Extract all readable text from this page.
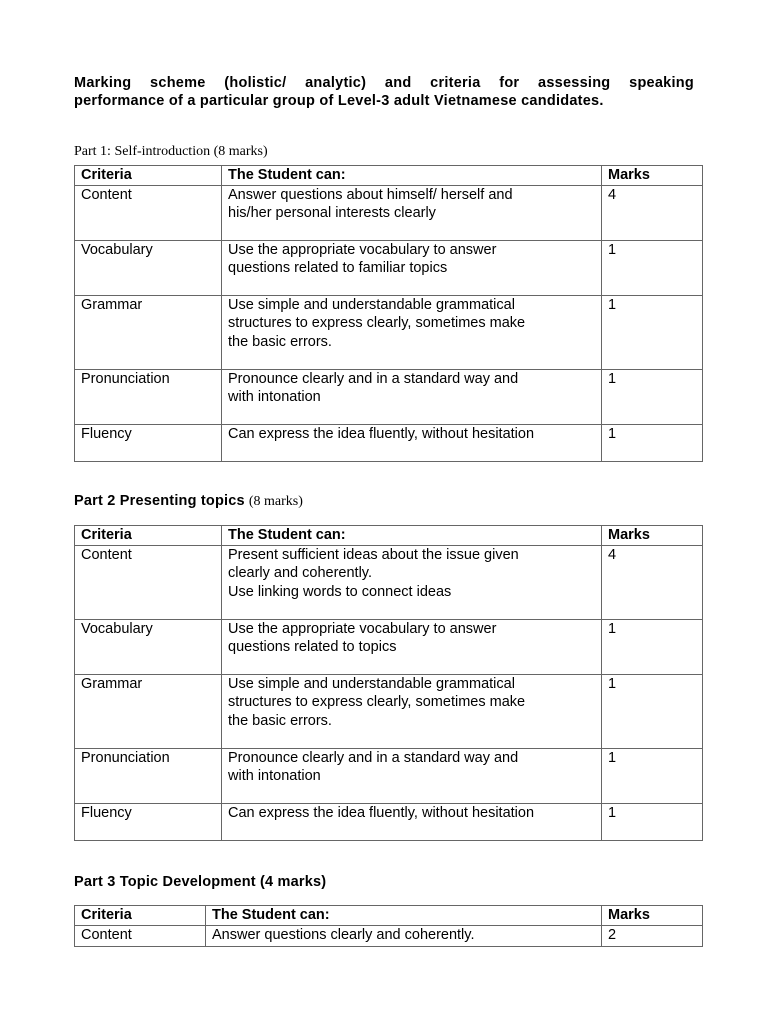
Marking scheme (holistic/ analytic) and criteria for assessing speaking
performance of a particular group of Level-3 adult Vietnamese candidates.
Part 1: Self-introduction (8 marks)
Criteria	The Student can:	Marks
Content	Answer questions about himself/ herself and
his/her personal interests clearly	4
Vocabulary	Use the appropriate vocabulary to answer
questions related to familiar topics	1
Grammar	Use simple and understandable grammatical
structures to express clearly, sometimes make
the basic errors.	1
Pronunciation	Pronounce clearly and in a standard way and
with intonation	1
Fluency	Can express the idea fluently, without hesitation	1
Part 2 Presenting topics (8 marks)
Criteria	The Student can:	Marks
Content	Present sufficient ideas about the issue given
clearly and coherently.
Use linking words to connect ideas	4
Vocabulary	Use the appropriate vocabulary to answer
questions related to topics	1
Grammar	Use simple and understandable grammatical
structures to express clearly, sometimes make
the basic errors.	1
Pronunciation	Pronounce clearly and in a standard way and
with intonation	1
Fluency	Can express the idea fluently, without hesitation	1
Part 3 Topic Development (4 marks)
Criteria	The Student can:	Marks
Content	Answer questions clearly and coherently.	2
